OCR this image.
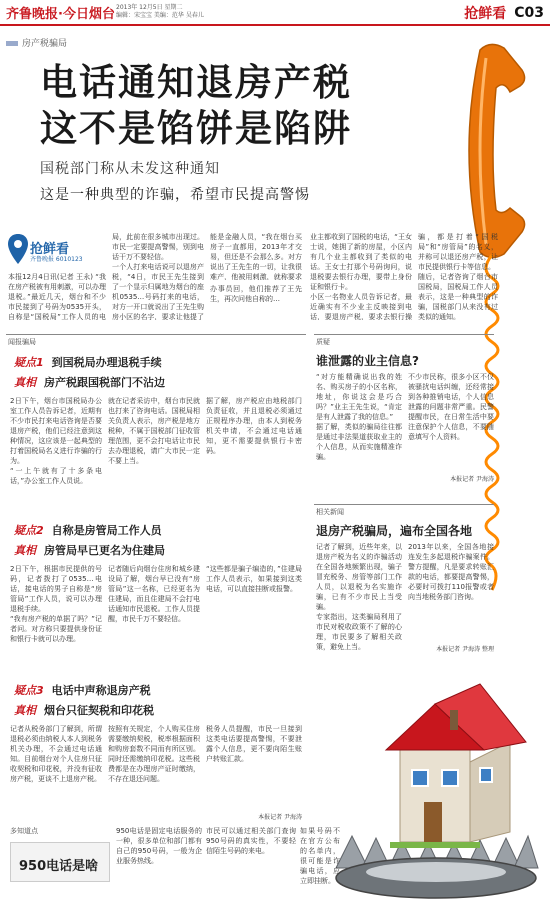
齐鲁晚报·今日烟台 2013年 12月5日 星期二
编辑：宋宝宝 美编：范华 吴春儿	抢鲜看 C03
房产税骗局
电话通知退房产税
这不是馅饼是陷阱
国税部门称从未发这种通知
这是一种典型的诈骗，希望市民提高警惕
抢鲜看
齐鲁晚报 6010123
本报12月4日讯(记者 王永) “我在房产税被有用刺激，可以办理退税。”最近几天，烟台和不少市民接到了号码为0535开头，自称是“国税局”工作人员的电
局，此前在很多城市出现过。市民一定要提高警惕，别到电话干万不要轻信。
一个人打来电话说可以退房产税，“4日，市民王先生接到了一个显示归属地为烟台的座机0535…号码打来的电话，对方一开口就说出了王先生购房小区的名字，要求让他提了

能是金融人员，“我在烟台买房子一直都用，2013年才交易，但还是不会那么多。对方说出了王先生的一切，让我很难产，他被用刺激，就称要求

办事员回，他们推荐了王先生，再次问他自称的…
业主都收到了国税的电话，“王女士说，她拥了新的房屋，小区内有几个业主都收到了类似的电话。王女士打那个号码询问，说退税要去银行办理，要带上身份证和银行卡。
小区一名物业人员告诉记者，最近确实有不少业主反映接到电话，要退房产税，要求去银行操

骗，都是打着“国税局”和“房管局”的名义，并称可以退还房产税，让市民提供银行卡等信息。
随后，记者咨询了烟台市国税局，国税局工作人员表示，这是一种典型的诈骗，国税部门从来没有过类似的通知。

闻报骗局
疑点1 到国税局办理退税手续
真相 房产税跟国税部门不沾边
2日下午，烟台市国税局办公室工作人员告诉记者，近期有不少市民打来电话咨询是否要退房产税，他们已经注意到这种情况，这应该是一起典型的打着国税局名义进行诈骗的行为。
“一上午就有了十多条电话，”办公室工作人员说。
就在记者采访中，烟台市民就也打来了咨询电话。国税局相关负责人表示，房产税是地方税种，不属于国税部门征收管理范围，更不会打电话让市民去办理退税，请广大市民一定不要上当。
据了解，房产税应由地税部门负责征收，并且退税必须通过正规程序办理，由本人到税务机关申请，不会通过电话通知，更不需要提供银行卡密码。
疑点2 自称是房管局工作人员
真相 房管局早已更名为住建局
2日下午，根据市民提供的号码，记者拨打了0535…电话，接电话的男子自称是“房管局”工作人员，说可以办理退税手续。
“我有房产税的单据了吗？”记者问。对方称只要提供身份证和银行卡就可以办理。
记者随后向烟台住房和城乡建设局了解，烟台早已没有“房管局”这一名称，已经更名为住建局，而且住建局不会打电话通知市民退税。工作人员提醒，市民千万不要轻信。
“这些都是骗子编造的，”住建局工作人员表示，如果接到这类电话，可以直接挂断或报警。
疑点3 电话中声称退房产税
真相 烟台只征契税和印花税
记者从税务部门了解到，所谓退税必须由纳税人本人到税务机关办理，不会通过电话通知。目前烟台对个人住房只征收契税和印花税，并没有征收房产税，更谈不上退房产税。
按照有关规定，个人购买住房需要缴纳契税，税率根据面积和购房套数不同而有所区别。同时还需缴纳印花税。这些税费都是在办理房产证时缴纳，不存在退还问题。
税务人员提醒，市民一旦接到这类电话要提高警惕，不要泄露个人信息，更不要向陌生账户转账汇款。
本报记者 尹海涛
质疑
谁泄露的业主信息?
“对方能精确说出我的姓名、购买房子的小区名称，地址，你说这会是巧合吗？”业主王先生说，“肯定是有人泄露了我的信息。”
据了解，类似的骗局往往都是通过非法渠道获取业主的个人信息，从而实施精准诈骗。
不少市民称，很多小区不仅被骚扰电话纠缠，还经常接到各种推销电话，个人信息泄露的问题非常严重。民警提醒市民，在日常生活中要注意保护个人信息，不要随意填写个人资料。
本报记者 尹海涛
相关新闻
退房产税骗局，遍布全国各地
记者了解到，近些年来，以退房产税为名义的诈骗活动在全国各地频繁出现，骗子冒充税务、房管等部门工作人员，以退税为名实施诈骗，已有不少市民上当受骗。
专家指出，这类骗局利用了市民对税收政策不了解的心理，市民要多了解相关政策，避免上当。
2013年以来，全国各地接连发生多起退税诈骗案件。警方提醒，凡是要求转账汇款的电话，都要提高警惕，必要时可拨打110报警或者向当地税务部门咨询。
本报记者 尹海涛 整理
多知道点
950电话是啥
950电话是固定电话服务的一种，很多单位和部门都有自己的950号码，一般为企业服务热线。
市民可以通过相关部门查询950号码的真实性，不要轻信陌生号码的来电。
如果号码不在官方公布的名单内，很可能是诈骗电话，应立即挂断。
